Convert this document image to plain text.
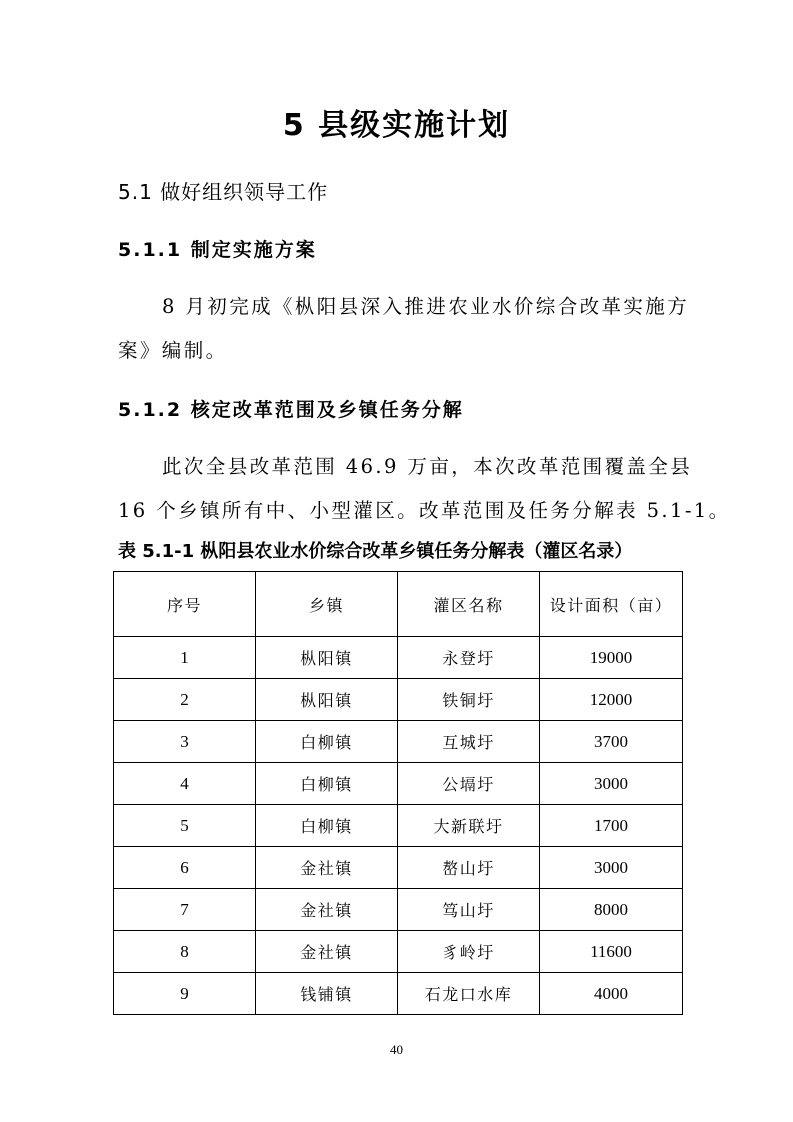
5 县级实施计划
5.1 做好组织领导工作
5.1.1 制定实施方案
8 月初完成《枞阳县深入推进农业水价综合改革实施方
案》编制。
5.1.2 核定改革范围及乡镇任务分解
此次全县改革范围 46.9 万亩，本次改革范围覆盖全县
16 个乡镇所有中、小型灌区。改革范围及任务分解表 5.1-1。
表 5.1-1 枞阳县农业水价综合改革乡镇任务分解表（灌区名录）
序号	乡镇	灌区名称	设计面积（亩）
1	枞阳镇	永登圩	19000
2	枞阳镇	铁铜圩	12000
3	白柳镇	互城圩	3700
4	白柳镇	公塥圩	3000
5	白柳镇	大新联圩	1700
6	金社镇	嶅山圩	3000
7	金社镇	笃山圩	8000
8	金社镇	豸岭圩	11600
9	钱铺镇	石龙口水库	4000
40
